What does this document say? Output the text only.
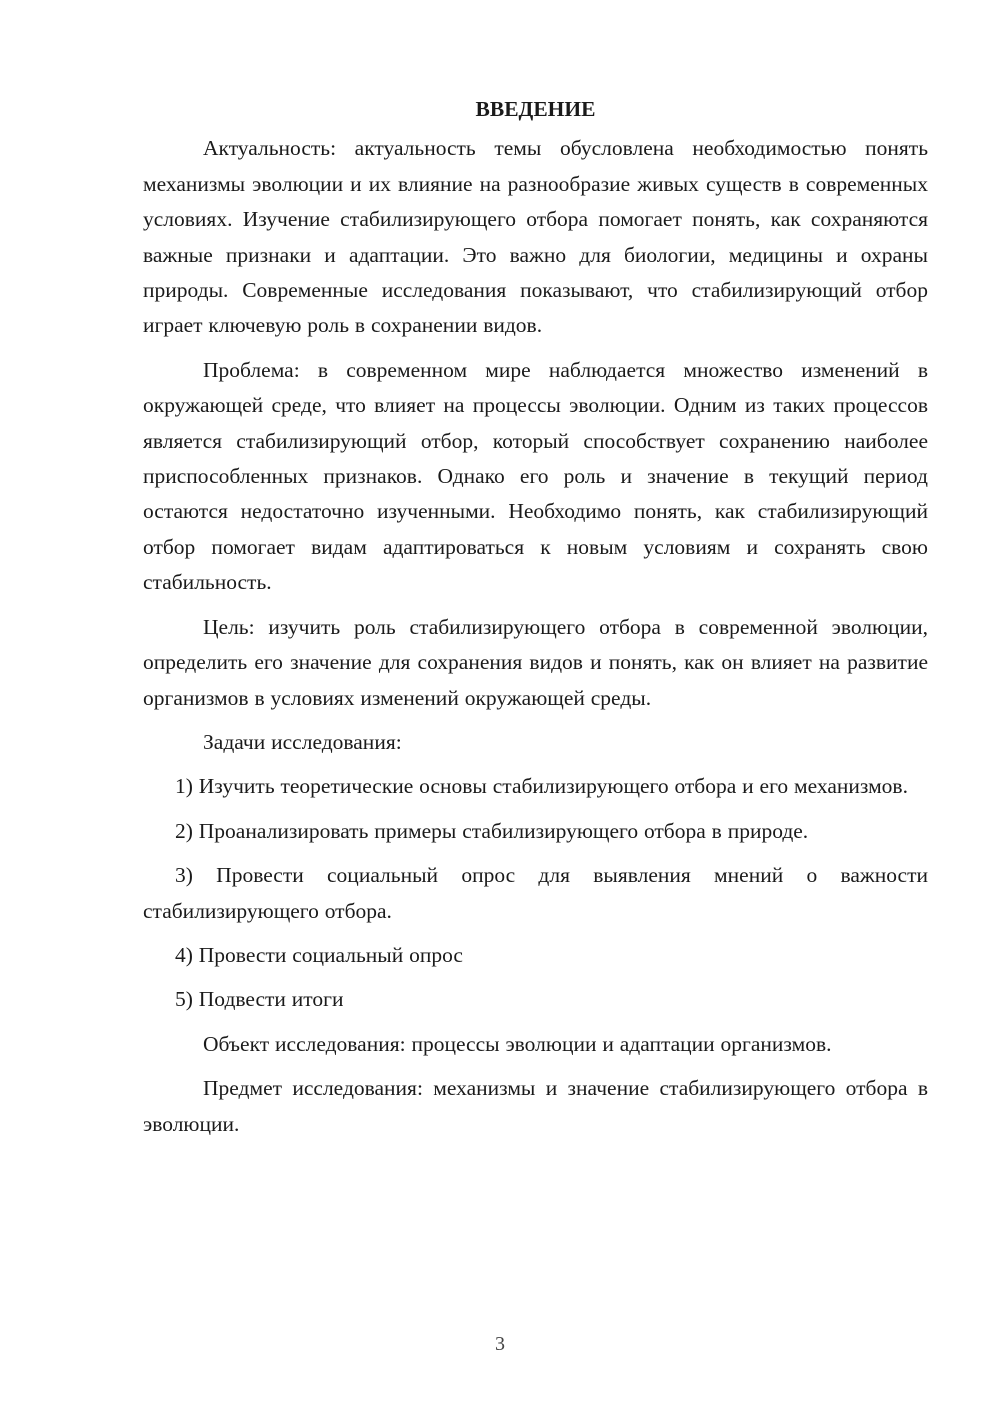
ВВЕДЕНИЕ

Актуальность: актуальность темы обусловлена необходимостью понять механизмы эволюции и их влияние на разнообразие живых существ в современных условиях. Изучение стабилизирующего отбора помогает понять, как сохраняются важные признаки и адаптации. Это важно для биологии, медицины и охраны природы. Современные исследования показывают, что стабилизирующий отбор играет ключевую роль в сохранении видов.

Проблема: в современном мире наблюдается множество изменений в окружающей среде, что влияет на процессы эволюции. Одним из таких процессов является стабилизирующий отбор, который способствует сохранению наиболее приспособленных признаков. Однако его роль и значение в текущий период остаются недостаточно изученными. Необходимо понять, как стабилизирующий отбор помогает видам адаптироваться к новым условиям и сохранять свою стабильность.

Цель: изучить роль стабилизирующего отбора в современной эволюции, определить его значение для сохранения видов и понять, как он влияет на развитие организмов в условиях изменений окружающей среды.

Задачи исследования:

1) Изучить теоретические основы стабилизирующего отбора и его механизмов.

2) Проанализировать примеры стабилизирующего отбора в природе.

3) Провести социальный опрос для выявления мнений о важности стабилизирующего отбора.

4) Провести социальный опрос

5) Подвести итоги

Объект исследования: процессы эволюции и адаптации организмов.

Предмет исследования: механизмы и значение стабилизирующего отбора в эволюции.

3
